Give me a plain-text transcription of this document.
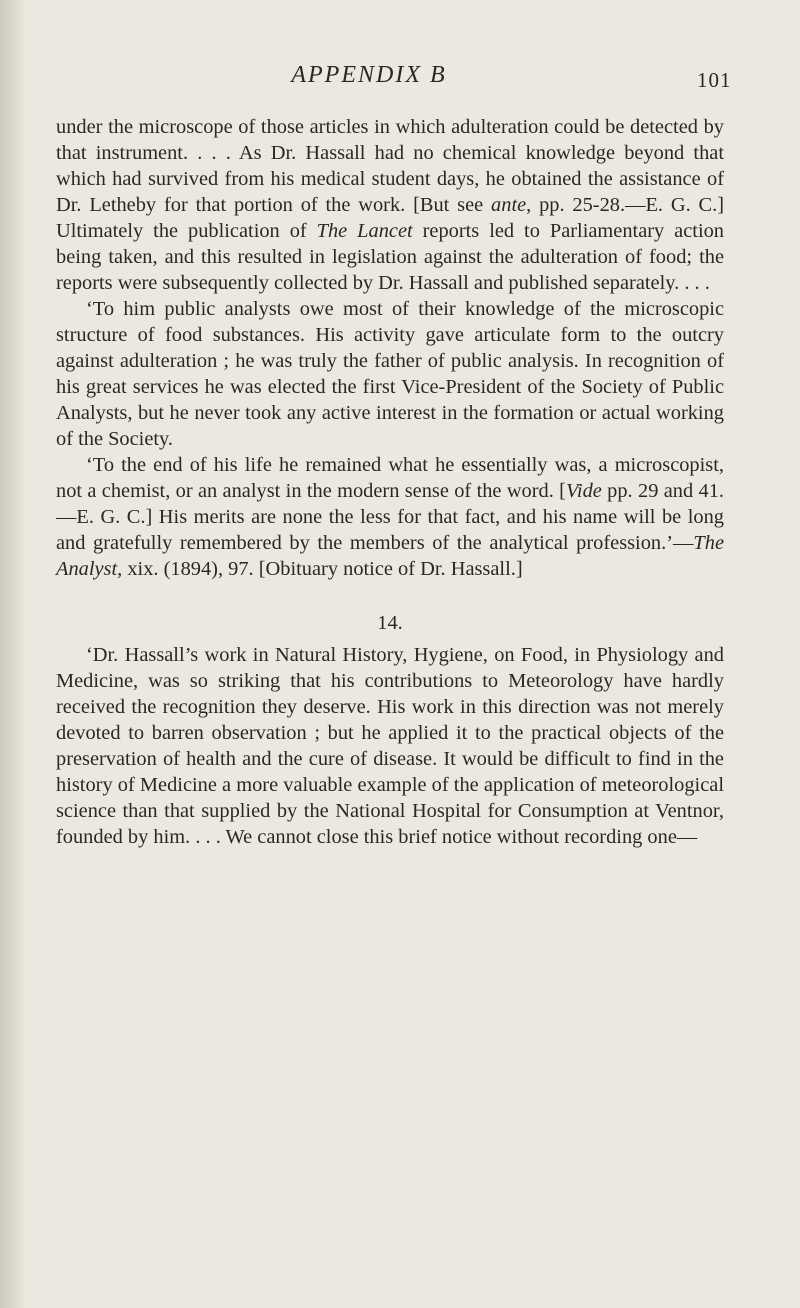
APPENDIX B	101

under the microscope of those articles in which adulteration could be detected by that instrument. . . . As Dr. Hassall had no chemical knowledge beyond that which had survived from his medical student days, he obtained the assistance of Dr. Letheby for that portion of the work. [But see ante, pp. 25-28.—E. G. C.] Ultimately the publication of The Lancet reports led to Parliamentary action being taken, and this resulted in legislation against the adulteration of food; the reports were subsequently collected by Dr. Hassall and published separately. . . .

‘To him public analysts owe most of their knowledge of the microscopic structure of food substances. His activity gave articulate form to the outcry against adulteration ; he was truly the father of public analysis. In recognition of his great services he was elected the first Vice-President of the Society of Public Analysts, but he never took any active interest in the formation or actual working of the Society.

‘To the end of his life he remained what he essentially was, a microscopist, not a chemist, or an analyst in the modern sense of the word. [Vide pp. 29 and 41.—E. G. C.] His merits are none the less for that fact, and his name will be long and gratefully remembered by the members of the analytical profession.’—The Analyst, xix. (1894), 97. [Obituary notice of Dr. Hassall.]

14.

‘Dr. Hassall’s work in Natural History, Hygiene, on Food, in Physiology and Medicine, was so striking that his contributions to Meteorology have hardly received the recognition they deserve. His work in this direction was not merely devoted to barren observation ; but he applied it to the practical objects of the preservation of health and the cure of disease. It would be difficult to find in the history of Medicine a more valuable example of the application of meteorological science than that supplied by the National Hospital for Consumption at Ventnor, founded by him. . . . We cannot close this brief notice without recording one—
